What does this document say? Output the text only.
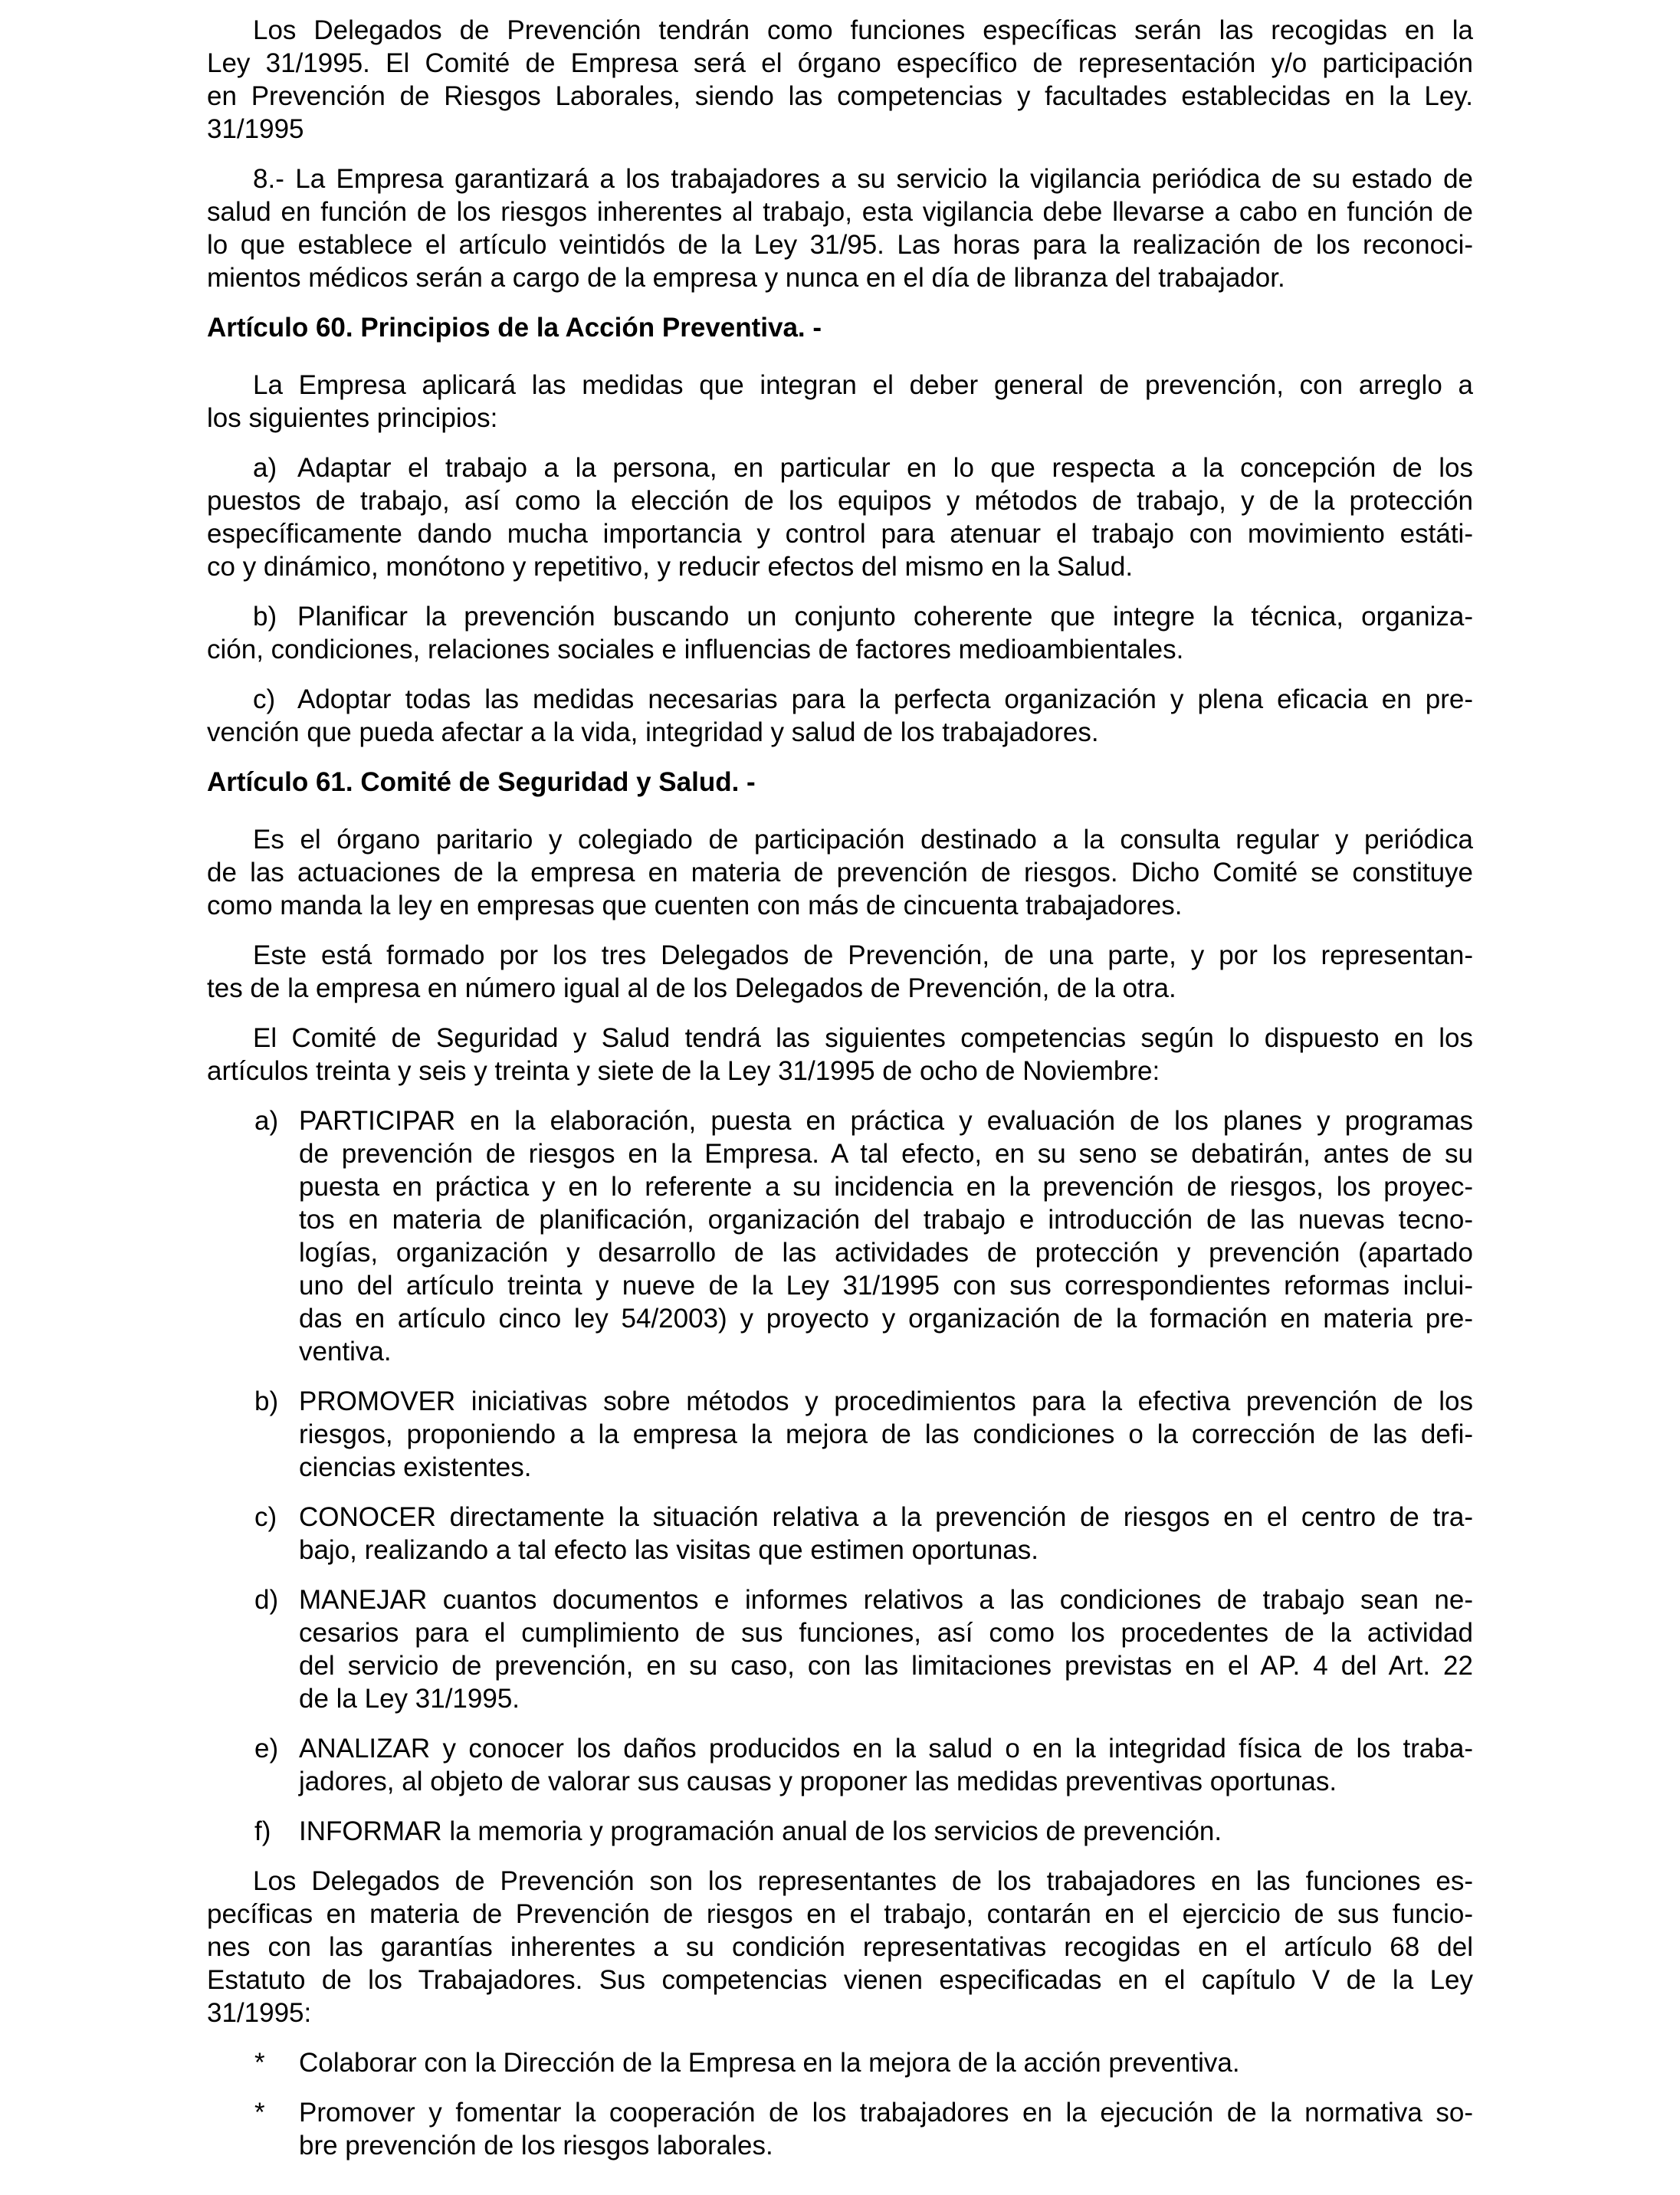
Los Delegados de Prevención tendrán como funciones específicas serán las recogidas en la
Ley 31/1995. El Comité de Empresa será el órgano específico de representación y/o participación
en Prevención de Riesgos Laborales, siendo las competencias y facultades establecidas en la Ley.
31/1995
8.- La Empresa garantizará a los trabajadores a su servicio la vigilancia periódica de su estado de
salud en función de los riesgos inherentes al trabajo, esta vigilancia debe llevarse a cabo en función de
lo que establece el artículo veintidós de la Ley 31/95. Las horas para la realización de los reconoci-
mientos médicos serán a cargo de la empresa y nunca en el día de libranza del trabajador.
Artículo 60. Principios de la Acción Preventiva. -
La Empresa aplicará las medidas que integran el deber general de prevención, con arreglo a
los siguientes principios:
a) Adaptar el trabajo a la persona, en particular en lo que respecta a la concepción de los
puestos de trabajo, así como la elección de los equipos y métodos de trabajo, y de la protección
específicamente dando mucha importancia y control para atenuar el trabajo con movimiento estáti-
co y dinámico, monótono y repetitivo, y reducir efectos del mismo en la Salud.
b) Planificar la prevención buscando un conjunto coherente que integre la técnica, organiza-
ción, condiciones, relaciones sociales e influencias de factores medioambientales.
c) Adoptar todas las medidas necesarias para la perfecta organización y plena eficacia en pre-
vención que pueda afectar a la vida, integridad y salud de los trabajadores.
Artículo 61. Comité de Seguridad y Salud. -
Es el órgano paritario y colegiado de participación destinado a la consulta regular y periódica
de las actuaciones de la empresa en materia de prevención de riesgos. Dicho Comité se constituye
como manda la ley en empresas que cuenten con más de cincuenta trabajadores.
Este está formado por los tres Delegados de Prevención, de una parte, y por los representan-
tes de la empresa en número igual al de los Delegados de Prevención, de la otra.
El Comité de Seguridad y Salud tendrá las siguientes competencias según lo dispuesto en los
artículos treinta y seis y treinta y siete de la Ley 31/1995 de ocho de Noviembre:
a) PARTICIPAR en la elaboración, puesta en práctica y evaluación de los planes y programas
de prevención de riesgos en la Empresa. A tal efecto, en su seno se debatirán, antes de su
puesta en práctica y en lo referente a su incidencia en la prevención de riesgos, los proyec-
tos en materia de planificación, organización del trabajo e introducción de las nuevas tecno-
logías, organización y desarrollo de las actividades de protección y prevención (apartado
uno del artículo treinta y nueve de la Ley 31/1995 con sus correspondientes reformas inclui-
das en artículo cinco ley 54/2003) y proyecto y organización de la formación en materia pre-
ventiva.
b) PROMOVER iniciativas sobre métodos y procedimientos para la efectiva prevención de los
riesgos, proponiendo a la empresa la mejora de las condiciones o la corrección de las defi-
ciencias existentes.
c) CONOCER directamente la situación relativa a la prevención de riesgos en el centro de tra-
bajo, realizando a tal efecto las visitas que estimen oportunas.
d) MANEJAR cuantos documentos e informes relativos a las condiciones de trabajo sean ne-
cesarios para el cumplimiento de sus funciones, así como los procedentes de la actividad
del servicio de prevención, en su caso, con las limitaciones previstas en el AP. 4 del Art. 22
de la Ley 31/1995.
e) ANALIZAR y conocer los daños producidos en la salud o en la integridad física de los traba-
jadores, al objeto de valorar sus causas y proponer las medidas preventivas oportunas.
f) INFORMAR la memoria y programación anual de los servicios de prevención.
Los Delegados de Prevención son los representantes de los trabajadores en las funciones es-
pecíficas en materia de Prevención de riesgos en el trabajo, contarán en el ejercicio de sus funcio-
nes con las garantías inherentes a su condición representativas recogidas en el artículo 68 del
Estatuto de los Trabajadores. Sus competencias vienen especificadas en el capítulo V de la Ley
31/1995:
* Colaborar con la Dirección de la Empresa en la mejora de la acción preventiva.
* Promover y fomentar la cooperación de los trabajadores en la ejecución de la normativa so-
bre prevención de los riesgos laborales.
